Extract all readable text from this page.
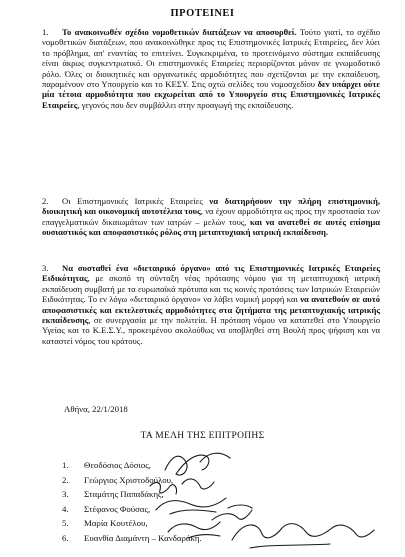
ΠΡΟΤΕΙΝΕΙ
1. Το ανακοινωθέν σχέδιο νομοθετικών διατάξεων να αποσυρθεί. Τούτο γιατί, το σχέδιο νομοθετικών διατάξεων, που ανακοινώθηκε προς τις Επιστημονικές Ιατρικές Εταιρείες, δεν λύει το πρόβλημα, απ' εναντίας το επιτείνει. Συγκεκριμένα, το προτεινόμενο σύστημα εκπαίδευσης είναι άκρως συγκεντρωτικό. Οι επιστημονικές Εταιρείες περιορίζονται μόνον σε γνωμοδοτικό ρόλο. Όλες οι διοικητικές και οργανωτικές αρμοδιότητες που σχετίζονται με την εκπαίδευση, παραμένουν στο Υπουργείο και το ΚΕΣΥ. Στις οχτώ σελίδες του νομοσχεδίου δεν υπάρχει ούτε μία τέτοια αρμοδιότητα που εκχωρείται από το Υπουργείο στις Επιστημονικές Ιατρικές Εταιρείες, γεγονός που δεν συμβάλλει στην προαγωγή της εκπαίδευσης.
2. Οι Επιστημονικές Ιατρικές Εταιρείες να διατηρήσουν την πλήρη επιστημονική, διοικητική και οικονομική αυτοτέλεια τους, να έχουν αρμοδιότητα ως προς την προστασία των επαγγελματικών δικαιωμάτων των ιατρών – μελών τους, και να ανατεθεί σε αυτές επίσημα ουσιαστικός και αποφασιστικός ρόλος στη μεταπτυχιακή ιατρική εκπαίδευση.
3. Να συσταθεί ένα «διεταιρικό όργανο» από τις Επιστημονικές Ιατρικές Εταιρείες Ειδικότητας, με σκοπό τη σύνταξη νέας πρότασης νόμου για τη μεταπτυχιακή ιατρική εκπαίδευση συμβατή με τα ευρωπαϊκά πρότυπα και τις κοινές προτάσεις των Ιατρικών Εταιρειών Ειδικότητας. Το εν λόγω «διεταιρικό όργανο» να λάβει νομική μορφή και να ανατεθούν σε αυτό αποφασιστικές και εκτελεστικές αρμοδιότητες στα ζητήματα της μεταπτυχιακής ιατρικής εκπαίδευσης, σε συνεργασία με την πολιτεία. Η πρόταση νόμου να κατατεθεί στο Υπουργείο Υγείας και το Κ.Ε.Σ.Υ., προκειμένου ακολούθως να υποβληθεί στη Βουλή προς ψήφιση και να καταστεί νόμος του κράτους.
Αθήνα, 22/1/2018
ΤΑ ΜΕΛΗ ΤΗΣ ΕΠΙΤΡΟΠΗΣ
1. Θεοδόσιος Δόσιος,
2. Γεώργιος Χριστοδούλου,
3. Σταμάτης Παπαδάκης,
4. Στέφανος Φούσας,
5. Μαρία Κουτέλου,
6. Ευανθία Διαμάντη – Κανδαράκη.
